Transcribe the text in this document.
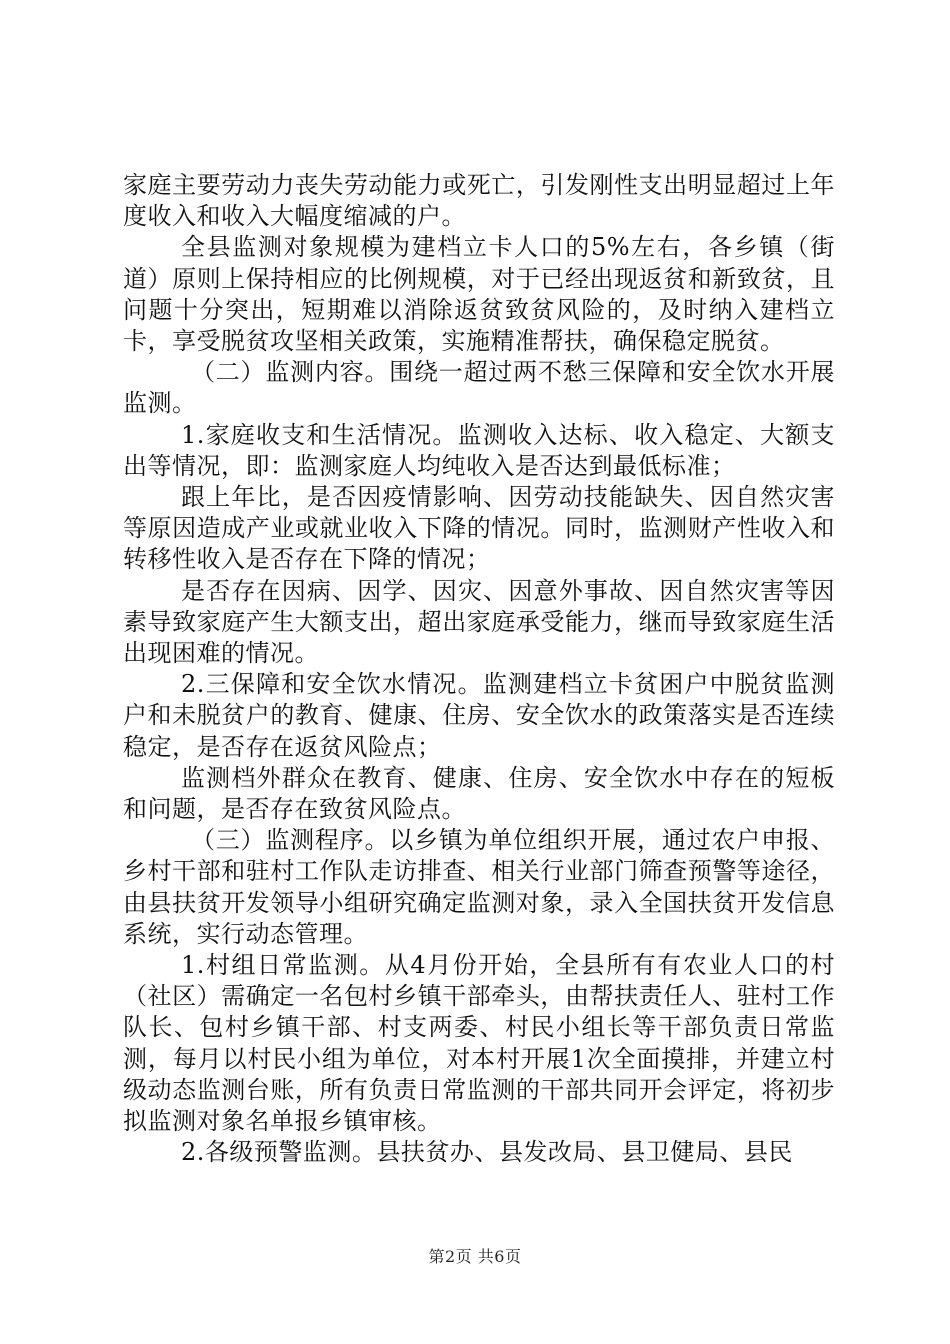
家庭主要劳动力丧失劳动能力或死亡，引发刚性支出明显超过上年度收入和收入大幅度缩减的户。

全县监测对象规模为建档立卡人口的5%左右，各乡镇（街道）原则上保持相应的比例规模，对于已经出现返贫和新致贫，且问题十分突出，短期难以消除返贫致贫风险的，及时纳入建档立卡，享受脱贫攻坚相关政策，实施精准帮扶，确保稳定脱贫。

（二）监测内容。围绕一超过两不愁三保障和安全饮水开展监测。

1.家庭收支和生活情况。监测收入达标、收入稳定、大额支出等情况，即：监测家庭人均纯收入是否达到最低标准；

跟上年比，是否因疫情影响、因劳动技能缺失、因自然灾害等原因造成产业或就业收入下降的情况。同时，监测财产性收入和转移性收入是否存在下降的情况；

是否存在因病、因学、因灾、因意外事故、因自然灾害等因素导致家庭产生大额支出，超出家庭承受能力，继而导致家庭生活出现困难的情况。

2.三保障和安全饮水情况。监测建档立卡贫困户中脱贫监测户和未脱贫户的教育、健康、住房、安全饮水的政策落实是否连续稳定，是否存在返贫风险点；

监测档外群众在教育、健康、住房、安全饮水中存在的短板和问题，是否存在致贫风险点。

（三）监测程序。以乡镇为单位组织开展，通过农户申报、乡村干部和驻村工作队走访排查、相关行业部门筛查预警等途径，由县扶贫开发领导小组研究确定监测对象，录入全国扶贫开发信息系统，实行动态管理。

1.村组日常监测。从4月份开始，全县所有有农业人口的村（社区）需确定一名包村乡镇干部牵头，由帮扶责任人、驻村工作队长、包村乡镇干部、村支两委、村民小组长等干部负责日常监测，每月以村民小组为单位，对本村开展1次全面摸排，并建立村级动态监测台账，所有负责日常监测的干部共同开会评定，将初步拟监测对象名单报乡镇审核。

2.各级预警监测。县扶贫办、县发改局、县卫健局、县民

第2页 共6页
